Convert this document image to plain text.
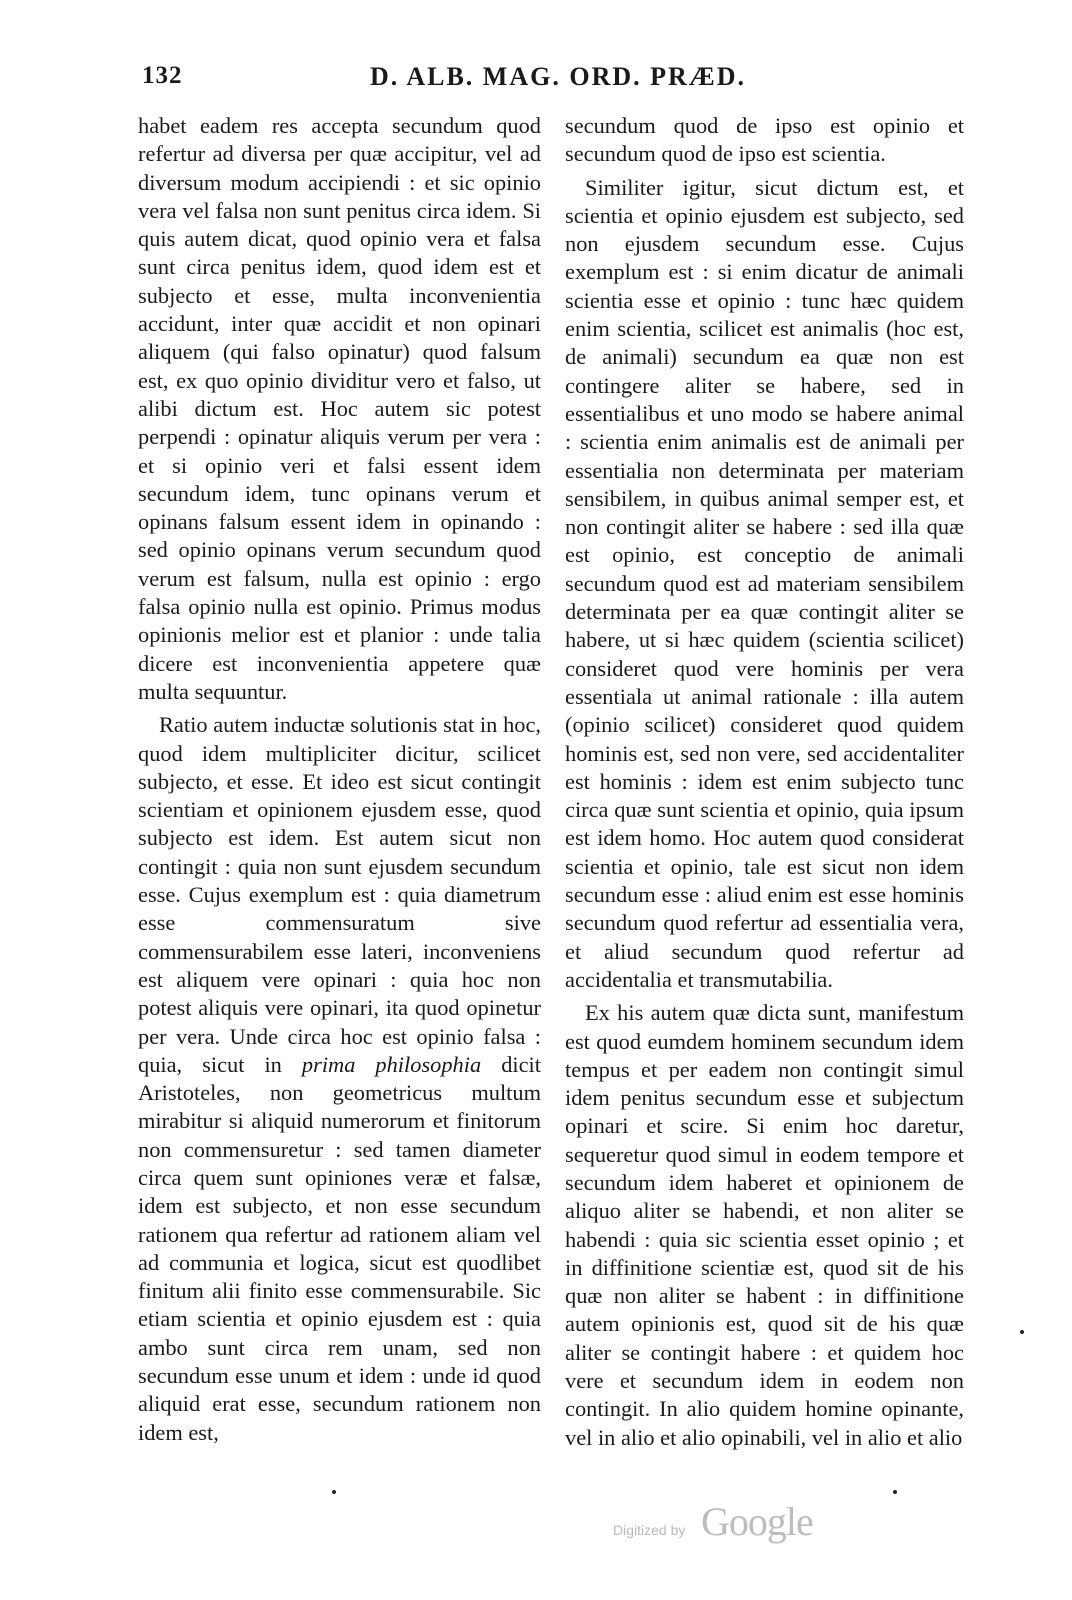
132	D. ALB. MAG. ORD. PRÆD.

habet eadem res accepta secundum quod refertur ad diversa per quæ accipitur, vel ad diversum modum accipiendi : et sic opinio vera vel falsa non sunt penitus circa idem. Si quis autem dicat, quod opinio vera et falsa sunt circa penitus idem, quod idem est et subjecto et esse, multa inconvenientia accidunt, inter quæ accidit et non opinari aliquem (qui falso opinatur) quod falsum est, ex quo opinio dividitur vero et falso, ut alibi dictum est. Hoc autem sic potest perpendi : opinatur aliquis verum per vera : et si opinio veri et falsi essent idem secundum idem, tunc opinans verum et opinans falsum essent idem in opinando : sed opinio opinans verum secundum quod verum est falsum, nulla est opinio : ergo falsa opinio nulla est opinio. Primus modus opinionis melior est et planior : unde talia dicere est inconvenientia appetere quæ multa sequuntur.

Ratio autem inductæ solutionis stat in hoc, quod idem multipliciter dicitur, scilicet subjecto, et esse. Et ideo est sicut contingit scientiam et opinionem ejusdem esse, quod subjecto est idem. Est autem sicut non contingit : quia non sunt ejusdem secundum esse. Cujus exemplum est : quia diametrum esse commensuratum sive commensurabilem esse lateri, inconveniens est aliquem vere opinari : quia hoc non potest aliquis vere opinari, ita quod opinetur per vera. Unde circa hoc est opinio falsa : quia, sicut in prima philosophia dicit Aristoteles, non geometricus multum mirabitur si aliquid numerorum et finitorum non commensuretur : sed tamen diameter circa quem sunt opiniones veræ et falsæ, idem est subjecto, et non esse secundum rationem qua refertur ad rationem aliam vel ad communia et logica, sicut est quodlibet finitum alii finito esse commensurabile. Sic etiam scientia et opinio ejusdem est : quia ambo sunt circa rem unam, sed non secundum esse unum et idem : unde id quod aliquid erat esse, secundum rationem non idem est,

secundum quod de ipso est opinio et secundum quod de ipso est scientia.

Similiter igitur, sicut dictum est, et scientia et opinio ejusdem est subjecto, sed non ejusdem secundum esse. Cujus exemplum est : si enim dicatur de animali scientia esse et opinio : tunc hæc quidem enim scientia, scilicet est animalis (hoc est, de animali) secundum ea quæ non est contingere aliter se habere, sed in essentialibus et uno modo se habere animal : scientia enim animalis est de animali per essentialia non determinata per materiam sensibilem, in quibus animal semper est, et non contingit aliter se habere : sed illa quæ est opinio, est conceptio de animali secundum quod est ad materiam sensibilem determinata per ea quæ contingit aliter se habere, ut si hæc quidem (scientia scilicet) consideret quod vere hominis per vera essentiala ut animal rationale : illa autem (opinio scilicet) consideret quod quidem hominis est, sed non vere, sed accidentaliter est hominis : idem est enim subjecto tunc circa quæ sunt scientia et opinio, quia ipsum est idem homo. Hoc autem quod considerat scientia et opinio, tale est sicut non idem secundum esse : aliud enim est esse hominis secundum quod refertur ad essentialia vera, et aliud secundum quod refertur ad accidentalia et transmutabilia.

Ex his autem quæ dicta sunt, manifestum est quod eumdem hominem secundum idem tempus et per eadem non contingit simul idem penitus secundum esse et subjectum opinari et scire. Si enim hoc daretur, sequeretur quod simul in eodem tempore et secundum idem haberet et opinionem de aliquo aliter se habendi, et non aliter se habendi : quia sic scientia esset opinio ; et in diffinitione scientiæ est, quod sit de his quæ non aliter se habent : in diffinitione autem opinionis est, quod sit de his quæ aliter se contingit habere : et quidem hoc vere et secundum idem in eodem non contingit. In alio quidem homine opinante, vel in alio et alio opinabili, vel in alio et alio

Digitized by Google
